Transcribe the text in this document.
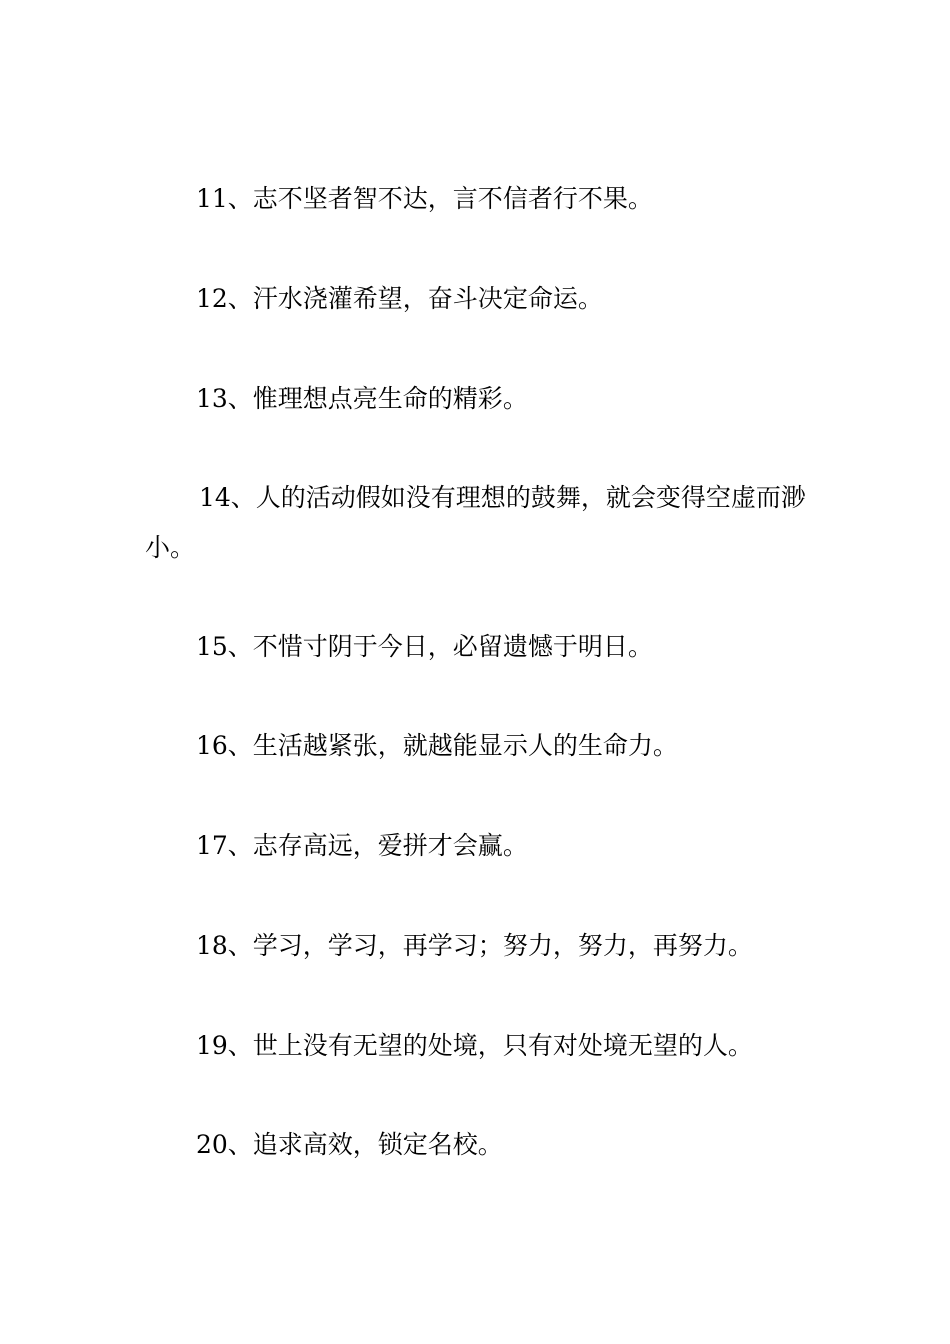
11、志不坚者智不达，言不信者行不果。

12、汗水浇灌希望，奋斗决定命运。

13、惟理想点亮生命的精彩。

14、人的活动假如没有理想的鼓舞，就会变得空虚而渺小。

15、不惜寸阴于今日，必留遗憾于明日。

16、生活越紧张，就越能显示人的生命力。

17、志存高远，爱拼才会赢。

18、学习，学习，再学习；努力，努力，再努力。

19、世上没有无望的处境，只有对处境无望的人。

20、追求高效，锁定名校。
